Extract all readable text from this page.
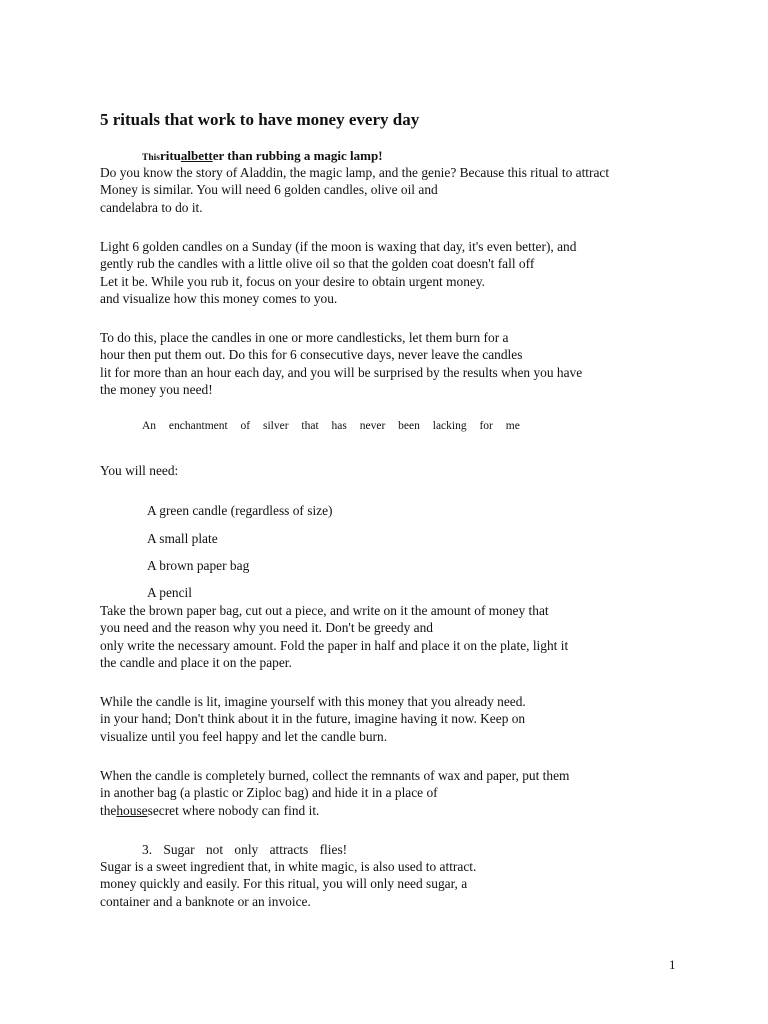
5 rituals that work to have money every day
Thisritualbetter than rubbing a magic lamp!
Do you know the story of Aladdin, the magic lamp, and the genie? Because this ritual to attract
Money is similar. You will need 6 golden candles, olive oil and
candelabra to do it.
Light 6 golden candles on a Sunday (if the moon is waxing that day, it's even better), and
gently rub the candles with a little olive oil so that the golden coat doesn't fall off
Let it be. While you rub it, focus on your desire to obtain urgent money.
and visualize how this money comes to you.
To do this, place the candles in one or more candlesticks, let them burn for a
hour then put them out. Do this for 6 consecutive days, never leave the candles
lit for more than an hour each day, and you will be surprised by the results when you have
the money you need!
An enchantment of silver that has never been lacking for me
You will need:
A green candle (regardless of size)
A small plate
A brown paper bag
A pencil
Take the brown paper bag, cut out a piece, and write on it the amount of money that
you need and the reason why you need it. Don't be greedy and
only write the necessary amount. Fold the paper in half and place it on the plate, light it
the candle and place it on the paper.
While the candle is lit, imagine yourself with this money that you already need.
in your hand; Don't think about it in the future, imagine having it now. Keep on
visualize until you feel happy and let the candle burn.
When the candle is completely burned, collect the remnants of wax and paper, put them
in another bag (a plastic or Ziploc bag) and hide it in a place of
thehousesecret where nobody can find it.
3. Sugar not only attracts flies!
Sugar is a sweet ingredient that, in white magic, is also used to attract.
money quickly and easily. For this ritual, you will only need sugar, a
container and a banknote or an invoice.
1
